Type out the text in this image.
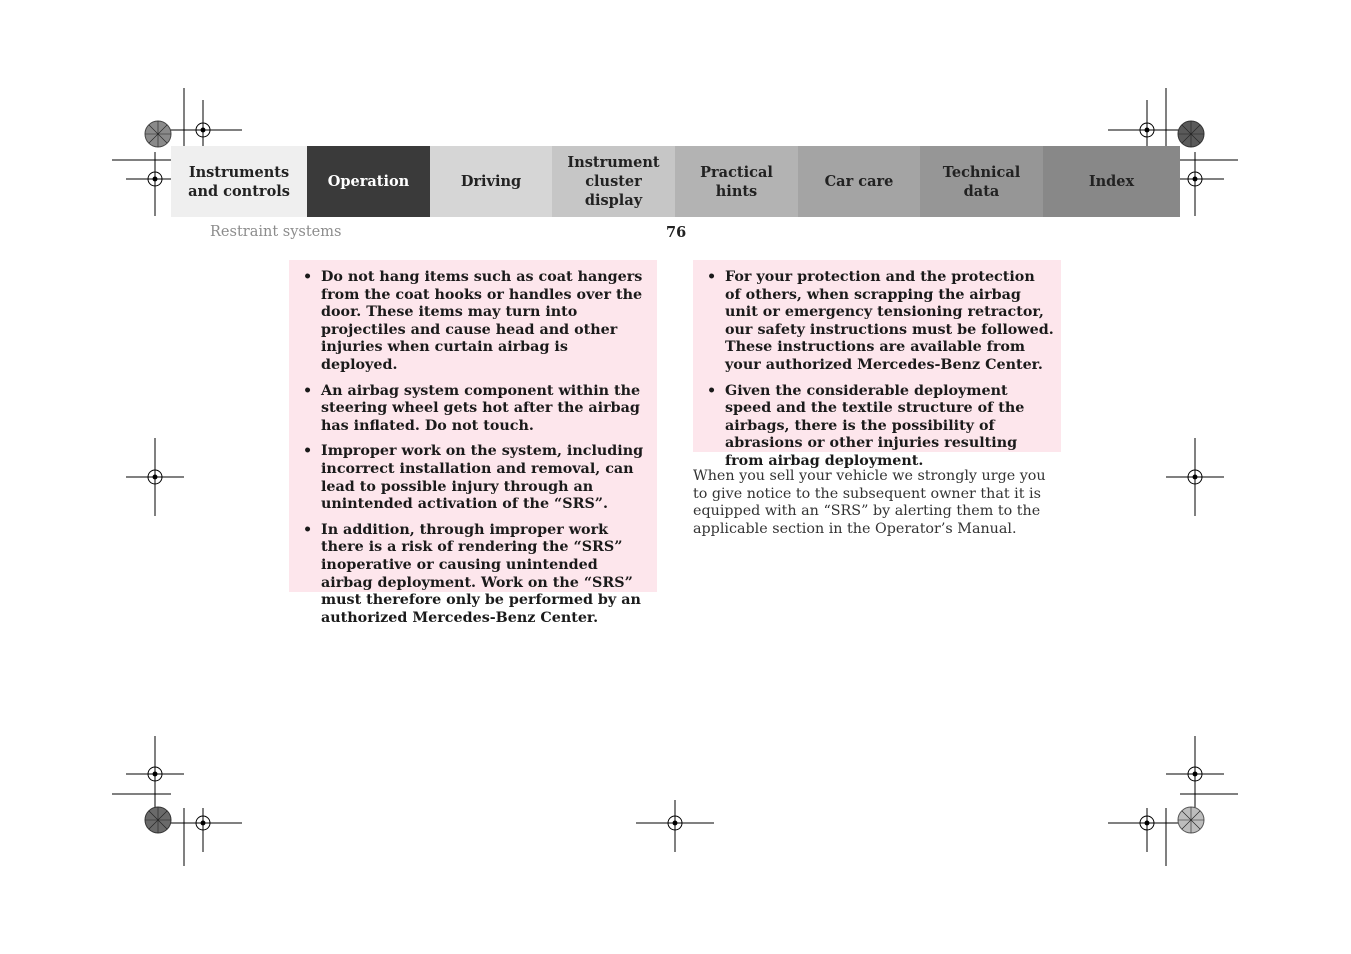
Instruments
and controls
Operation	Driving
Instrument
cluster display
Practical hints
Car care
Technical
data
Index
Restraint systems	76
• Do not hang items such as coat hangers from the coat hooks or handles over the door. These items may turn into projectiles and cause head and other injuries when curtain airbag is deployed.
• An airbag system component within the steering wheel gets hot after the airbag has inflated. Do not touch.
• Improper work on the system, including incorrect installation and removal, can lead to possible injury through an unintended activation of the “SRS”.
• In addition, through improper work there is a risk of rendering the “SRS” inoperative or causing unintended airbag deployment. Work on the “SRS” must therefore only be performed by an authorized Mercedes-Benz Center.
• For your protection and the protection of others, when scrapping the airbag unit or emergency tensioning retractor, our safety instructions must be followed. These instructions are available from your authorized Mercedes-Benz Center.
• Given the considerable deployment speed and the textile structure of the airbags, there is the possibility of abrasions or other injuries resulting from airbag deployment.

When you sell your vehicle we strongly urge you to give notice to the subsequent owner that it is equipped with an “SRS” by alerting them to the applicable section in the Operator’s Manual.
